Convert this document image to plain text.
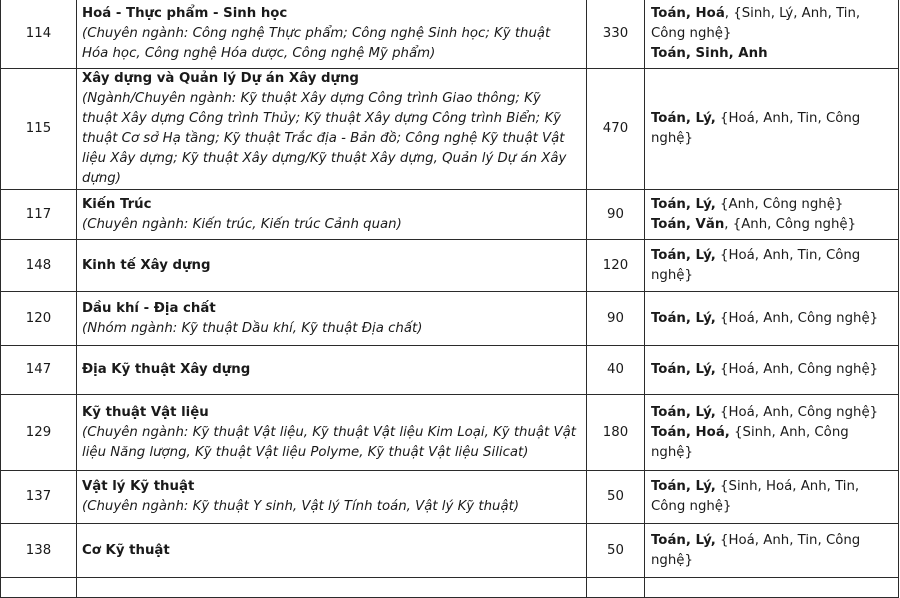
114	Hoá - Thực phẩm - Sinh học
(Chuyên ngành: Công nghệ Thực phẩm; Công nghệ Sinh học; Kỹ thuật Hóa học, Công nghệ Hóa dược, Công nghệ Mỹ phẩm)	330	Toán, Hoá, {Sinh, Lý, Anh, Tin, Công nghệ}
Toán, Sinh, Anh

115	Xây dựng và Quản lý Dự án Xây dựng
(Ngành/Chuyên ngành: Kỹ thuật Xây dựng Công trình Giao thông; Kỹ thuật Xây dựng Công trình Thủy; Kỹ thuật Xây dựng Công trình Biển; Kỹ thuật Cơ sở Hạ tầng; Kỹ thuật Trắc địa - Bản đồ; Công nghệ Kỹ thuật Vật liệu Xây dựng; Kỹ thuật Xây dựng/Kỹ thuật Xây dựng, Quản lý Dự án Xây dựng)	470	Toán, Lý, {Hoá, Anh, Tin, Công nghệ}

117	Kiến Trúc
(Chuyên ngành: Kiến trúc, Kiến trúc Cảnh quan)	90	Toán, Lý, {Anh, Công nghệ}
Toán, Văn, {Anh, Công nghệ}

148	Kinh tế Xây dựng	120	Toán, Lý, {Hoá, Anh, Tin, Công nghệ}

120	Dầu khí - Địa chất
(Nhóm ngành: Kỹ thuật Dầu khí, Kỹ thuật Địa chất)	90	Toán, Lý, {Hoá, Anh, Công nghệ}

147	Địa Kỹ thuật Xây dựng	40	Toán, Lý, {Hoá, Anh, Công nghệ}

129	Kỹ thuật Vật liệu
(Chuyên ngành: Kỹ thuật Vật liệu, Kỹ thuật Vật liệu Kim Loại, Kỹ thuật Vật liệu Năng lượng, Kỹ thuật Vật liệu Polyme, Kỹ thuật Vật liệu Silicat)	180	Toán, Lý, {Hoá, Anh, Công nghệ}
Toán, Hoá, {Sinh, Anh, Công nghệ}

137	Vật lý Kỹ thuật
(Chuyên ngành: Kỹ thuật Y sinh, Vật lý Tính toán, Vật lý Kỹ thuật)	50	Toán, Lý, {Sinh, Hoá, Anh, Tin, Công nghệ}

138	Cơ Kỹ thuật	50	Toán, Lý, {Hoá, Anh, Tin, Công nghệ}
